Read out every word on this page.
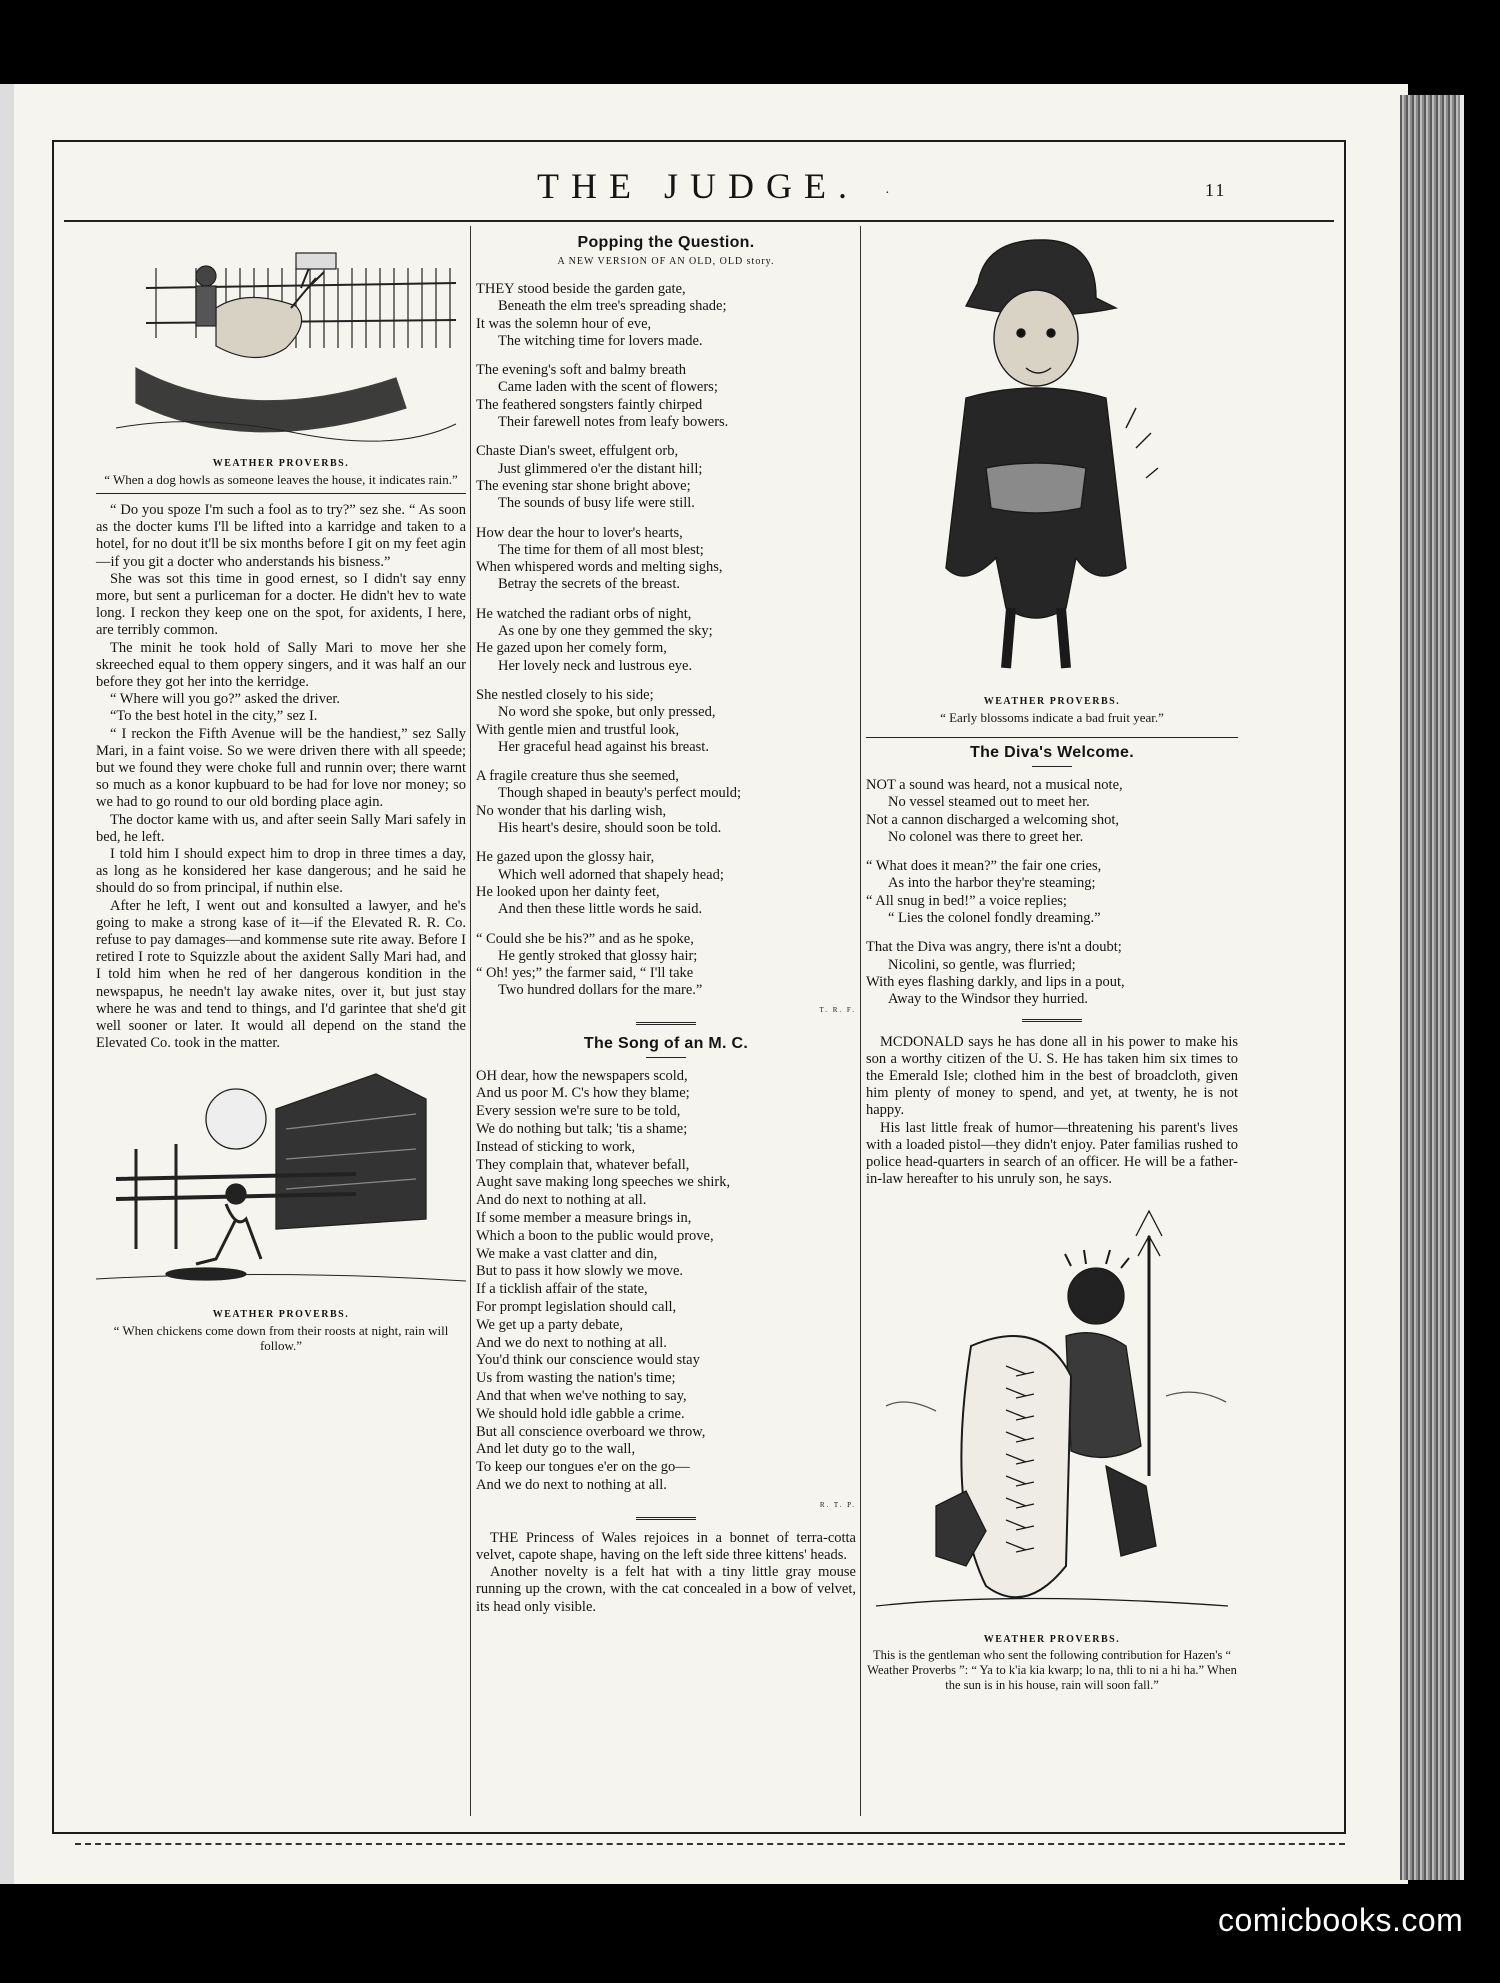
THE JUDGE.	·	11
WEATHER PROVERBS.
“ When a dog howls as someone leaves the house, it indicates rain.”

“ Do you spoze I'm such a fool as to try?” sez she. “ As soon as the docter kums I'll be lifted into a karridge and taken to a hotel, for no dout it'll be six months before I git on my feet agin—if you git a docter who anderstands his bisness.”

She was sot this time in good ernest, so I didn't say enny more, but sent a purliceman for a docter. He didn't hev to wate long. I reckon they keep one on the spot, for axidents, I here, are terribly common.

The minit he took hold of Sally Mari to move her she skreeched equal to them oppery singers, and it was half an our before they got her into the kerridge.

“ Where will you go?” asked the driver.

“To the best hotel in the city,” sez I.

“ I reckon the Fifth Avenue will be the handiest,” sez Sally Mari, in a faint voise. So we were driven there with all speede; but we found they were choke full and runnin over; there warnt so much as a konor kupbuard to be had for love nor money; so we had to go round to our old bording place agin.

The doctor kame with us, and after seein Sally Mari safely in bed, he left.

I told him I should expect him to drop in three times a day, as long as he konsidered her kase dangerous; and he said he should do so from principal, if nuthin else.

After he left, I went out and konsulted a lawyer, and he's going to make a strong kase of it—if the Elevated R. R. Co. refuse to pay damages—and kommense sute rite away. Before I retired I rote to Squizzle about the axident Sally Mari had, and I told him when he red of her dangerous kondition in the newspapus, he needn't lay awake nites, over it, but just stay where he was and tend to things, and I'd garintee that she'd git well sooner or later. It would all depend on the stand the Elevated Co. took in the matter.

WEATHER PROVERBS.
“ When chickens come down from their roosts at night, rain will follow.”
Popping the Question.
A NEW VERSION OF AN OLD, OLD story.
THEY stood beside the garden gate,
Beneath the elm tree's spreading shade;
It was the solemn hour of eve,
The witching time for lovers made.
The evening's soft and balmy breath
Came laden with the scent of flowers;
The feathered songsters faintly chirped
Their farewell notes from leafy bowers.
Chaste Dian's sweet, effulgent orb,
Just glimmered o'er the distant hill;
The evening star shone bright above;
The sounds of busy life were still.
How dear the hour to lover's hearts,
The time for them of all most blest;
When whispered words and melting sighs,
Betray the secrets of the breast.
He watched the radiant orbs of night,
As one by one they gemmed the sky;
He gazed upon her comely form,
Her lovely neck and lustrous eye.
She nestled closely to his side;
No word she spoke, but only pressed,
With gentle mien and trustful look,
Her graceful head against his breast.
A fragile creature thus she seemed,
Though shaped in beauty's perfect mould;
No wonder that his darling wish,
His heart's desire, should soon be told.
He gazed upon the glossy hair,
Which well adorned that shapely head;
He looked upon her dainty feet,
And then these little words he said.
“ Could she be his?” and as he spoke,
He gently stroked that glossy hair;
“ Oh! yes;” the farmer said, “ I'll take
Two hundred dollars for the mare.”
T. R. F.
The Song of an M. C.
OH dear, how the newspapers scold,
And us poor M. C's how they blame;
Every session we're sure to be told,
We do nothing but talk; 'tis a shame;
Instead of sticking to work,
They complain that, whatever befall,
Aught save making long speeches we shirk,
And do next to nothing at all.
If some member a measure brings in,
Which a boon to the public would prove,
We make a vast clatter and din,
But to pass it how slowly we move.
If a ticklish affair of the state,
For prompt legislation should call,
We get up a party debate,
And we do next to nothing at all.
You'd think our conscience would stay
Us from wasting the nation's time;
And that when we've nothing to say,
We should hold idle gabble a crime.
But all conscience overboard we throw,
And let duty go to the wall,
To keep our tongues e'er on the go—
And we do next to nothing at all.
R. T. P.

THE Princess of Wales rejoices in a bonnet of terra-cotta velvet, capote shape, having on the left side three kittens' heads.

Another novelty is a felt hat with a tiny little gray mouse running up the crown, with the cat concealed in a bow of velvet, its head only visible.

WEATHER PROVERBS.
“ Early blossoms indicate a bad fruit year.”
The Diva's Welcome.
NOT a sound was heard, not a musical note,
No vessel steamed out to meet her.
Not a cannon discharged a welcoming shot,
No colonel was there to greet her.
“ What does it mean?” the fair one cries,
As into the harbor they're steaming;
“ All snug in bed!” a voice replies;
“ Lies the colonel fondly dreaming.”
That the Diva was angry, there is'nt a doubt;
Nicolini, so gentle, was flurried;
With eyes flashing darkly, and lips in a pout,
Away to the Windsor they hurried.

MCDONALD says he has done all in his power to make his son a worthy citizen of the U. S. He has taken him six times to the Emerald Isle; clothed him in the best of broadcloth, given him plenty of money to spend, and yet, at twenty, he is not happy.

His last little freak of humor—threatening his parent's lives with a loaded pistol—they didn't enjoy. Pater familias rushed to police head-quarters in search of an officer. He will be a father-in-law hereafter to his unruly son, he says.

WEATHER PROVERBS.
This is the gentleman who sent the following contribution for Hazen's “ Weather Proverbs ”: “ Ya to k'ia kia kwarp; lo na, thli to ni a hi ha.” When the sun is in his house, rain will soon fall.”
comicbooks.com
